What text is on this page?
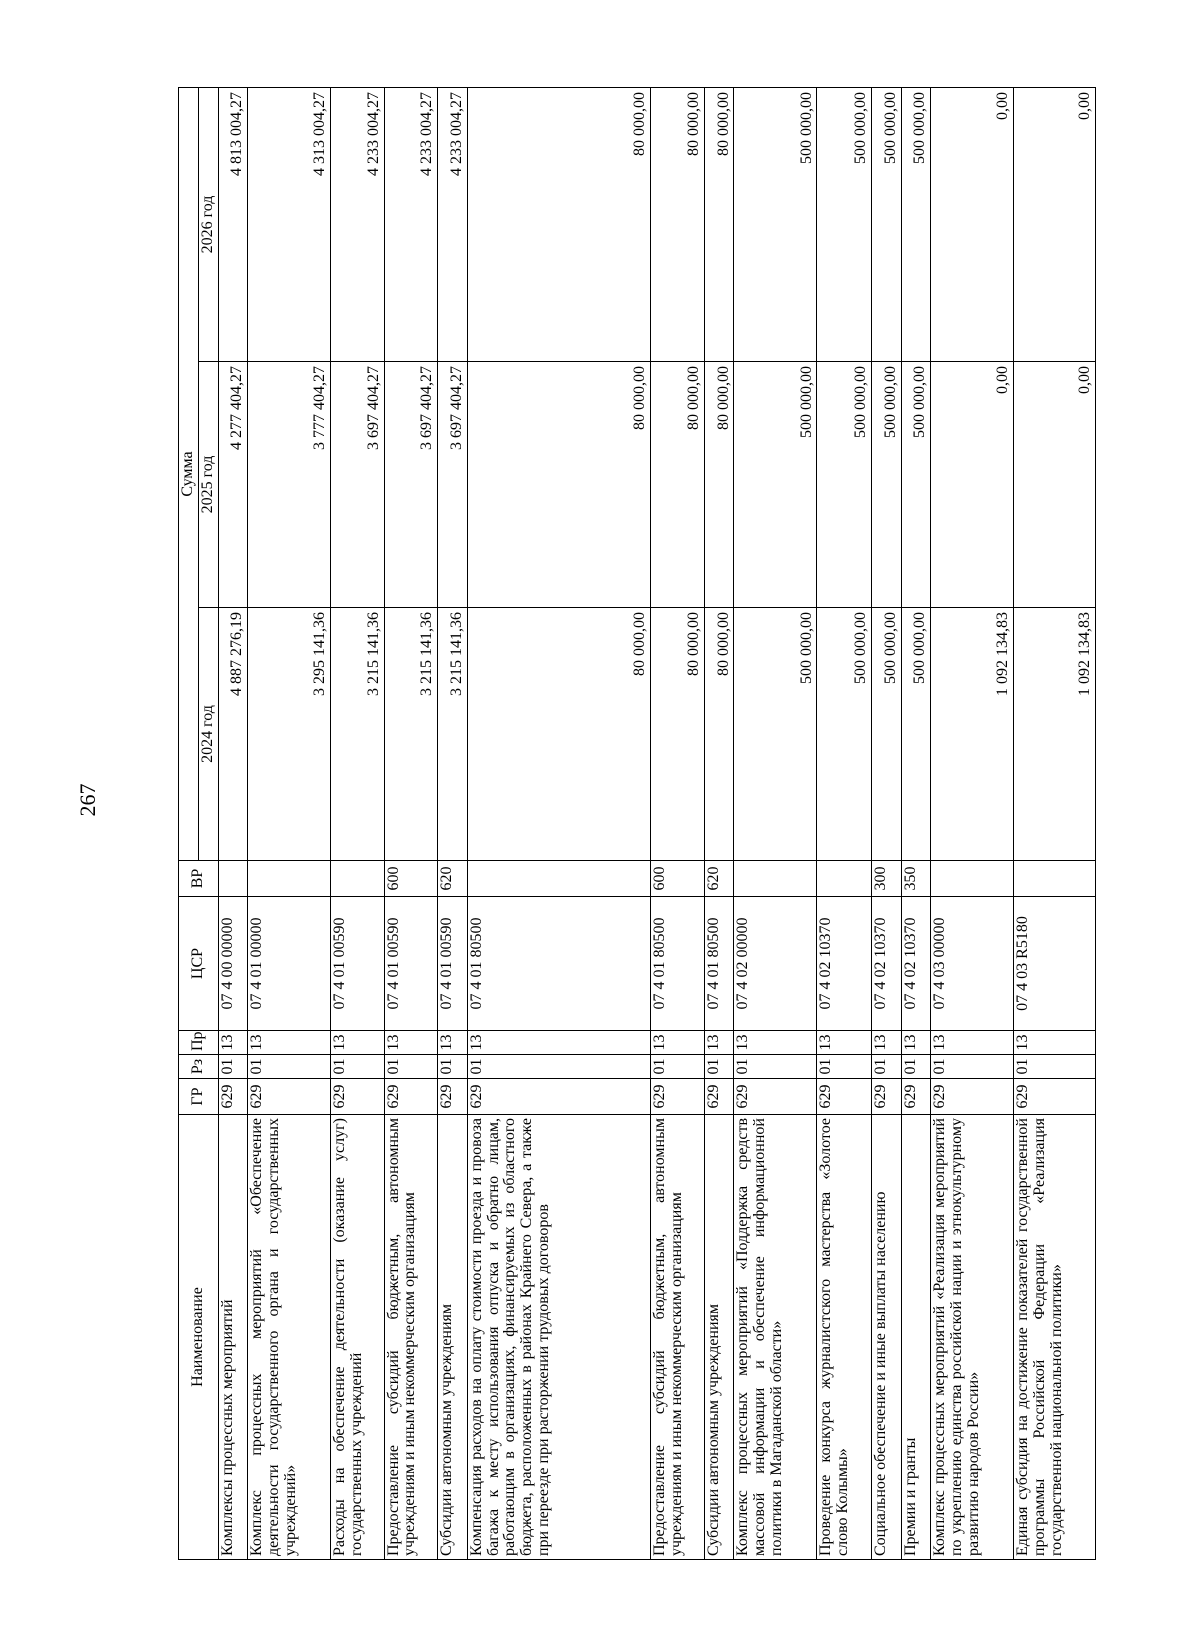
267
Наименование	ГР	Рз	Пр	ЦСР	ВР	Сумма		
						2024 год	2025 год	2026 год
Комплексы процессных мероприятий	629	01	13	07 4 00 00000		4 887 276,19	4 277 404,27	4 813 004,27
Комплекс процессных мероприятий «Обеспечение деятельности государственного органа и государственных учреждений»	629	01	13	07 4 01 00000		3 295 141,36	3 777 404,27	4 313 004,27
Расходы на обеспечение деятельности (оказание услуг) государственных учреждений	629	01	13	07 4 01 00590		3 215 141,36	3 697 404,27	4 233 004,27
Предоставление субсидий бюджетным, автономным учреждениям и иным некоммерческим организациям	629	01	13	07 4 01 00590	600	3 215 141,36	3 697 404,27	4 233 004,27
Субсидии автономным учреждениям	629	01	13	07 4 01 00590	620	3 215 141,36	3 697 404,27	4 233 004,27
Компенсация расходов на оплату стоимости проезда и провоза багажа к месту использования отпуска и обратно лицам, работающим в организациях, финансируемых из областного бюджета, расположенных в районах Крайнего Севера, а также при переезде при расторжении трудовых договоров	629	01	13	07 4 01 80500		80 000,00	80 000,00	80 000,00
Предоставление субсидий бюджетным, автономным учреждениям и иным некоммерческим организациям	629	01	13	07 4 01 80500	600	80 000,00	80 000,00	80 000,00
Субсидии автономным учреждениям	629	01	13	07 4 01 80500	620	80 000,00	80 000,00	80 000,00
Комплекс процессных мероприятий «Поддержка средств массовой информации и обеспечение информационной политики в Магаданской области»	629	01	13	07 4 02 00000		500 000,00	500 000,00	500 000,00
Проведение конкурса журналистского мастерства «Золотое слово Колымы»	629	01	13	07 4 02 10370		500 000,00	500 000,00	500 000,00
Социальное обеспечение и иные выплаты населению	629	01	13	07 4 02 10370	300	500 000,00	500 000,00	500 000,00
Премии и гранты	629	01	13	07 4 02 10370	350	500 000,00	500 000,00	500 000,00
Комплекс процессных мероприятий «Реализация мероприятий по укреплению единства российской нации и этнокультурному развитию народов России»	629	01	13	07 4 03 00000		1 092 134,83	0,00	0,00
Единая субсидия на достижение показателей государственной программы Российской Федерации «Реализация государственной национальной политики»	629	01	13	07 4 03 R5180		1 092 134,83	0,00	0,00
